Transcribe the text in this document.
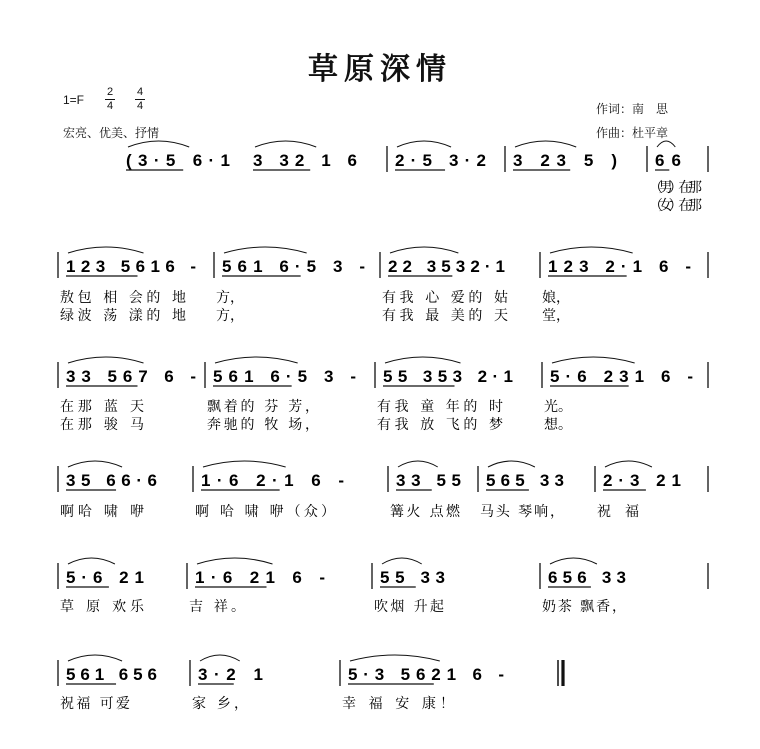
草原深情
1=F
2
4
4
4
宏亮、优美、抒情
作词：南　思
作曲：杜平章
(3·5 6·1 3 32 1 6 2·5 3·2 3 23 5 ) 66
（男）在那
（女）在那
123 5616 - 561 6·5 3 - 22 3532·1	123 2·1 6 -
敖包 相 会的 地 方，	有我 心 爱的 姑 娘，
绿波 荡 漾的 地 方，	有我 最 美的 天 堂，
33 567 6 - 561 6·5 3 - 55 353 2·1 5·6 231 6 -
在那 蓝 天	飘着的 芬 芳，	有我 童 年的 时	光。
在那 骏 马	奔驰的 牧 场，	有我 放 飞的 梦	想。
35 66·6	1·6 2·1 6 -	33 55 565 33 2·3 21
啊哈 啸 咿	啊 哈 啸 咿（众）	篝火 点燃 马头 琴响， 祝 福
5·6 21	1·6 21 6 -	55 33	656 33
草 原 欢乐	吉 祥。	吹烟 升起	奶茶 飘香，
561 656 3·2 1	5·3 5621 6 -
祝福 可爱	家 乡，	幸 福 安 康！
